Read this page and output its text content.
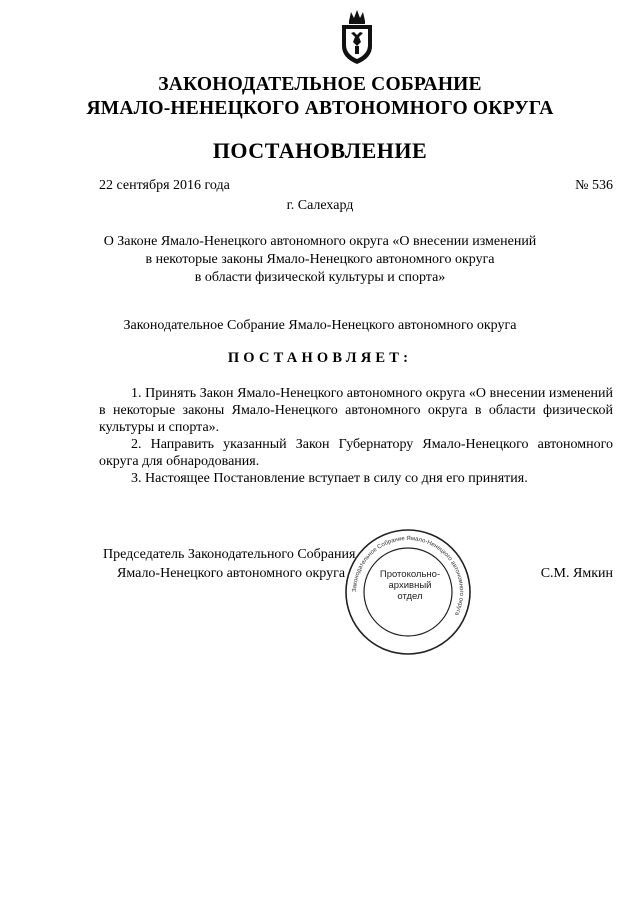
ЗАКОНОДАТЕЛЬНОЕ СОБРАНИЕ
ЯМАЛО-НЕНЕЦКОГО АВТОНОМНОГО ОКРУГА
ПОСТАНОВЛЕНИЕ
22 сентября 2016 года	№ 536
г. Салехард
О Законе Ямало-Ненецкого автономного округа «О внесении изменений
в некоторые законы Ямало-Ненецкого автономного округа
в области физической культуры и спорта»
Законодательное Собрание Ямало-Ненецкого автономного округа
ПОСТАНОВЛЯЕТ:

1. Принять Закон Ямало-Ненецкого автономного округа «О внесении изменений в некоторые законы Ямало-Ненецкого автономного округа в области физической культуры и спорта».

2. Направить указанный Закон Губернатору Ямало-Ненецкого автономного округа для обнародования.

3. Настоящее Постановление вступает в силу со дня его принятия.

Председатель Законодательного Собрания
Ямало-Ненецкого автономного округа	С.М. Ямкин
Законодательное Собрание Ямало-Ненецкого автономного округа
Протокольно-
архивный
отдел
